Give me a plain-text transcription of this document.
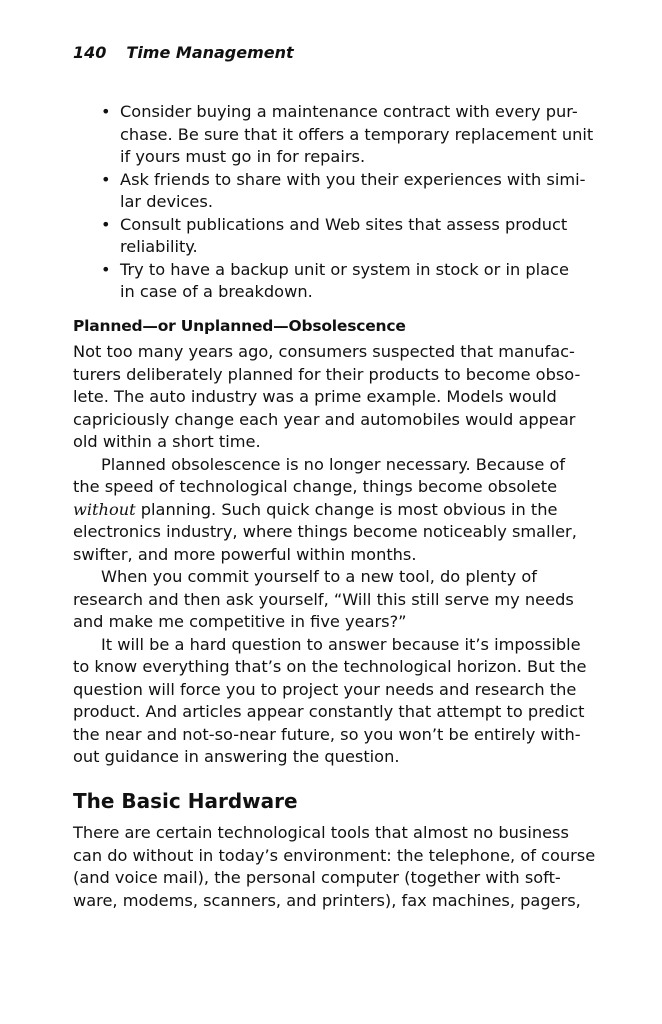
140 Time Management
• Consider buying a maintenance contract with every pur-
chase. Be sure that it offers a temporary replacement unit
if yours must go in for repairs.
• Ask friends to share with you their experiences with simi-
lar devices.
• Consult publications and Web sites that assess product
reliability.
• Try to have a backup unit or system in stock or in place
in case of a breakdown.
Planned—or Unplanned—Obsolescence

Not too many years ago, consumers suspected that manufac-
turers deliberately planned for their products to become obso-
lete. The auto industry was a prime example. Models would
capriciously change each year and automobiles would appear
old within a short time.

Planned obsolescence is no longer necessary. Because of
the speed of technological change, things become obsolete
without planning. Such quick change is most obvious in the
electronics industry, where things become noticeably smaller,
swifter, and more powerful within months.

When you commit yourself to a new tool, do plenty of
research and then ask yourself, “Will this still serve my needs
and make me competitive in five years?”

It will be a hard question to answer because it’s impossible
to know everything that’s on the technological horizon. But the
question will force you to project your needs and research the
product. And articles appear constantly that attempt to predict
the near and not-so-near future, so you won’t be entirely with-
out guidance in answering the question.

The Basic Hardware

There are certain technological tools that almost no business
can do without in today’s environment: the telephone, of course
(and voice mail), the personal computer (together with soft-
ware, modems, scanners, and printers), fax machines, pagers,
